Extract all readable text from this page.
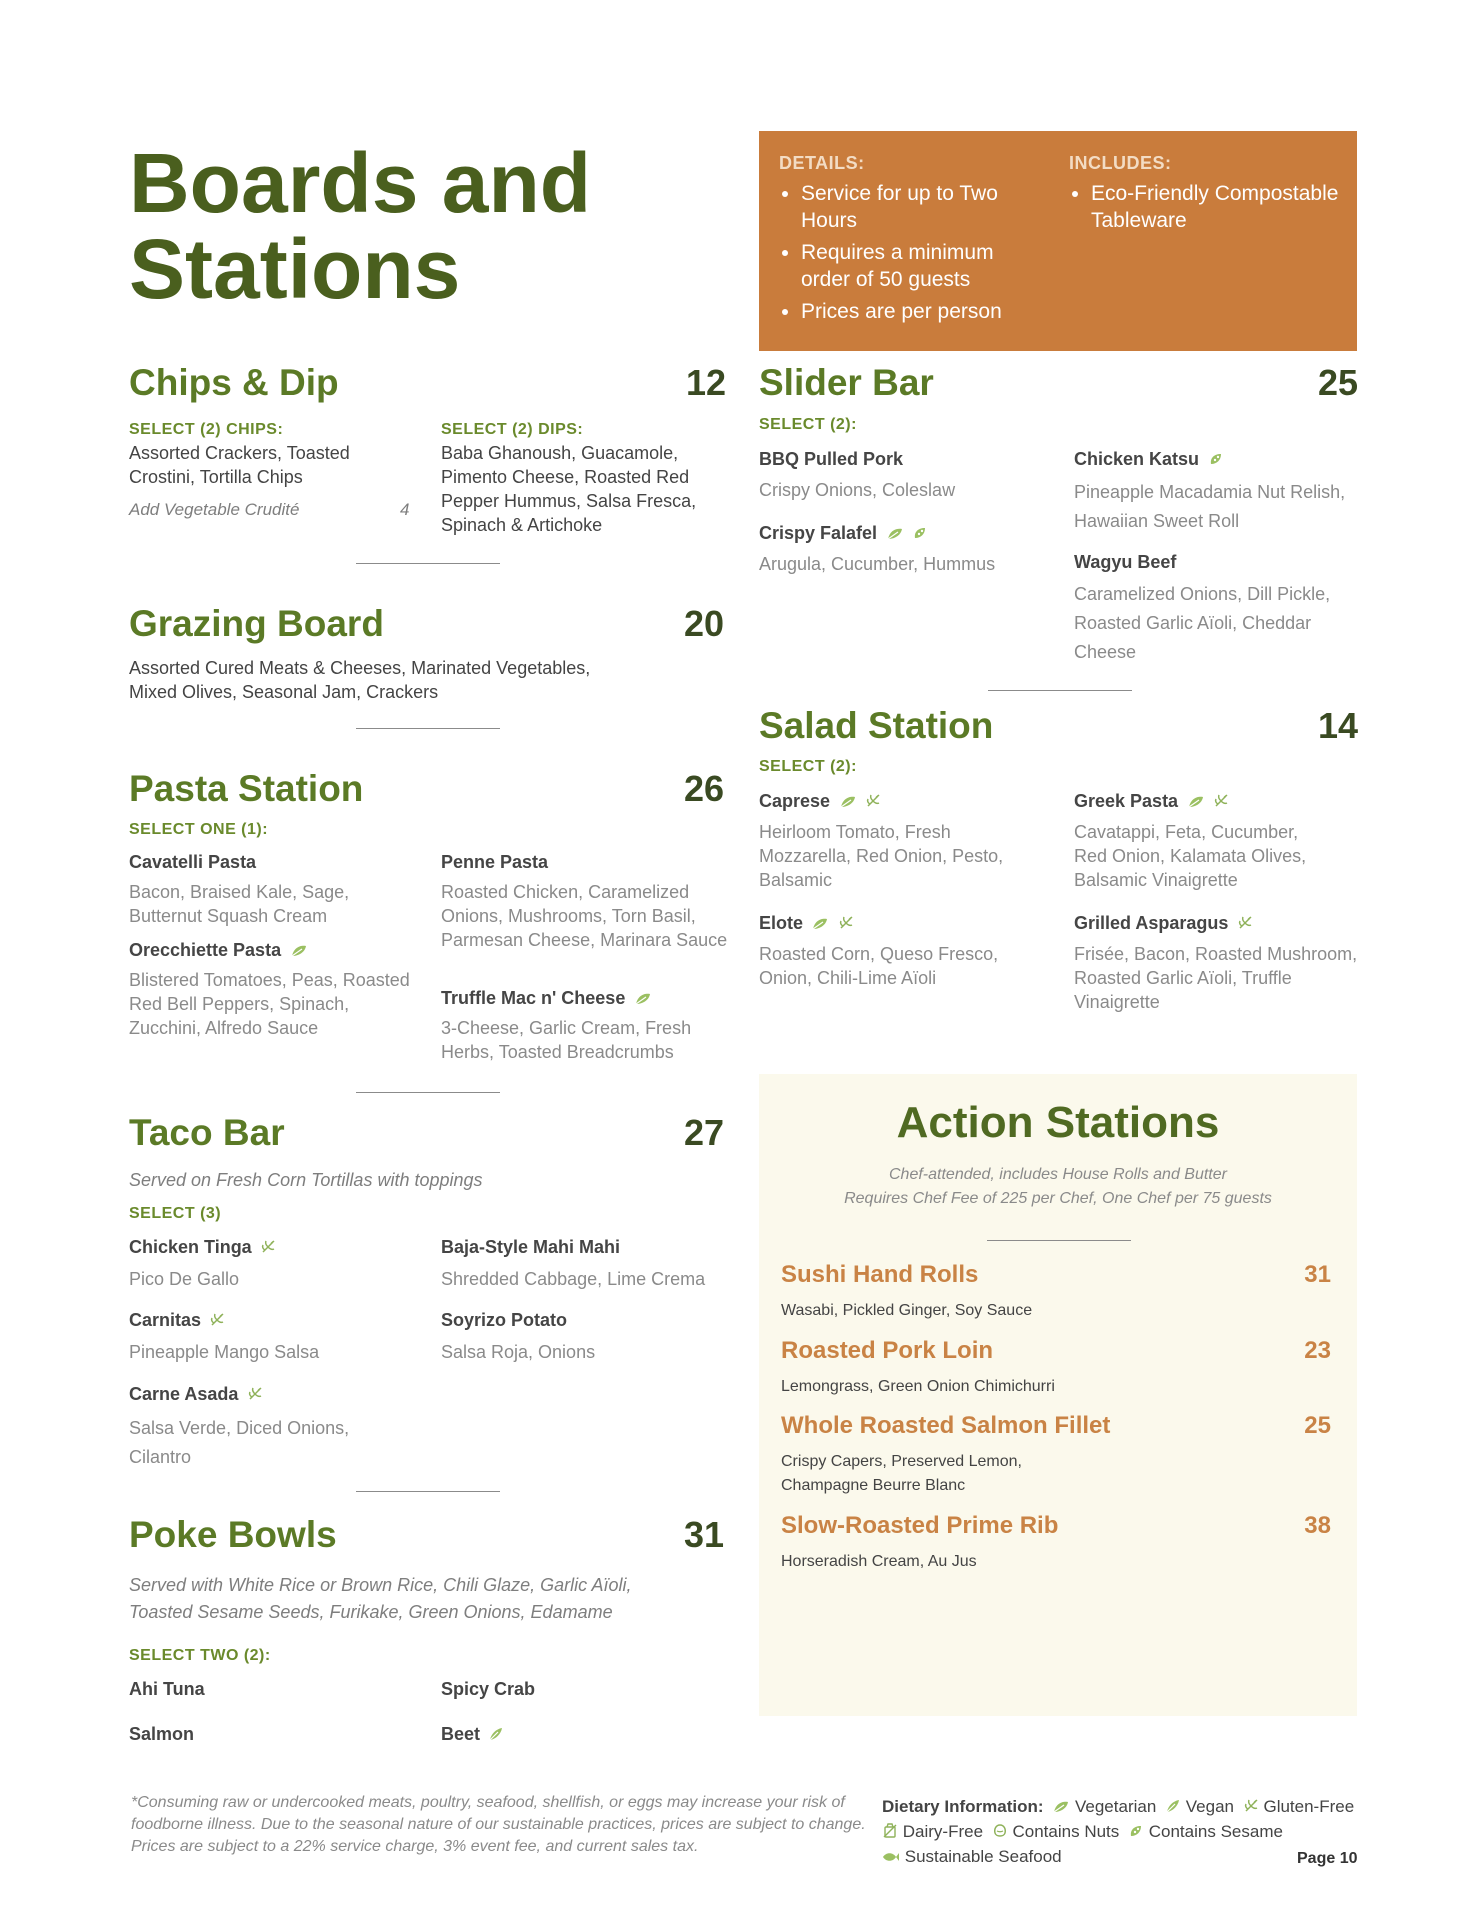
Boards and
Stations
DETAILS:
• Service for up to Two Hours
• Requires a minimum order of 50 guests
• Prices are per person
INCLUDES:
• Eco-Friendly Compostable Tableware
Chips & Dip	12
SELECT (2) CHIPS:
Assorted Crackers, Toasted Crostini, Tortilla Chips
Add Vegetable Crudité	4
SELECT (2) DIPS:
Baba Ghanoush, Guacamole, Pimento Cheese, Roasted Red Pepper Hummus, Salsa Fresca, Spinach & Artichoke
Grazing Board	20
Assorted Cured Meats & Cheeses, Marinated Vegetables, Mixed Olives, Seasonal Jam, Crackers
Pasta Station	26
SELECT ONE (1):
Cavatelli Pasta
Bacon, Braised Kale, Sage, Butternut Squash Cream
Orecchiette Pasta
Blistered Tomatoes, Peas, Roasted Red Bell Peppers, Spinach, Zucchini, Alfredo Sauce
Penne Pasta
Roasted Chicken, Caramelized Onions, Mushrooms, Torn Basil, Parmesan Cheese, Marinara Sauce
Truffle Mac n' Cheese
3-Cheese, Garlic Cream, Fresh Herbs, Toasted Breadcrumbs
Taco Bar	27
Served on Fresh Corn Tortillas with toppings
SELECT (3)
Chicken Tinga
Pico De Gallo
Carnitas
Pineapple Mango Salsa
Carne Asada
Salsa Verde, Diced Onions, Cilantro
Baja-Style Mahi Mahi
Shredded Cabbage, Lime Crema
Soyrizo Potato
Salsa Roja, Onions
Poke Bowls	31
Served with White Rice or Brown Rice, Chili Glaze, Garlic Aïoli, Toasted Sesame Seeds, Furikake, Green Onions, Edamame
SELECT TWO (2):
Ahi Tuna
Salmon
Spicy Crab
Beet
Slider Bar	25
SELECT (2):
BBQ Pulled Pork
Crispy Onions, Coleslaw
Crispy Falafel

Arugula, Cucumber, Hummus
Chicken Katsu
Pineapple Macadamia Nut Relish, Hawaiian Sweet Roll
Wagyu Beef
Caramelized Onions, Dill Pickle, Roasted Garlic Aïoli, Cheddar Cheese
Salad Station	14
SELECT (2):
Caprese

Heirloom Tomato, Fresh Mozzarella, Red Onion, Pesto, Balsamic
Elote

Roasted Corn, Queso Fresco, Onion, Chili-Lime Aïoli
Greek Pasta

Cavatappi, Feta, Cucumber, Red Onion, Kalamata Olives, Balsamic Vinaigrette
Grilled Asparagus
Frisée, Bacon, Roasted Mushroom, Roasted Garlic Aïoli, Truffle Vinaigrette
Action Stations
Chef-attended, includes House Rolls and Butter
Requires Chef Fee of 225 per Chef, One Chef per 75 guests
Sushi Hand Rolls	31
Wasabi, Pickled Ginger, Soy Sauce
Roasted Pork Loin	23
Lemongrass, Green Onion Chimichurri
Whole Roasted Salmon Fillet	25
Crispy Capers, Preserved Lemon, Champagne Beurre Blanc
Slow-Roasted Prime Rib	38
Horseradish Cream, Au Jus
*Consuming raw or undercooked meats, poultry, seafood, shellfish, or eggs may increase your risk of foodborne illness. Due to the seasonal nature of our sustainable practices, prices are subject to change. Prices are subject to a 22% service charge, 3% event fee, and current sales tax.
Dietary Information: Vegetarian Vegan Gluten-Free

Dairy-Free Contains Nuts Contains Sesame

Sustainable Seafood	Page 10
